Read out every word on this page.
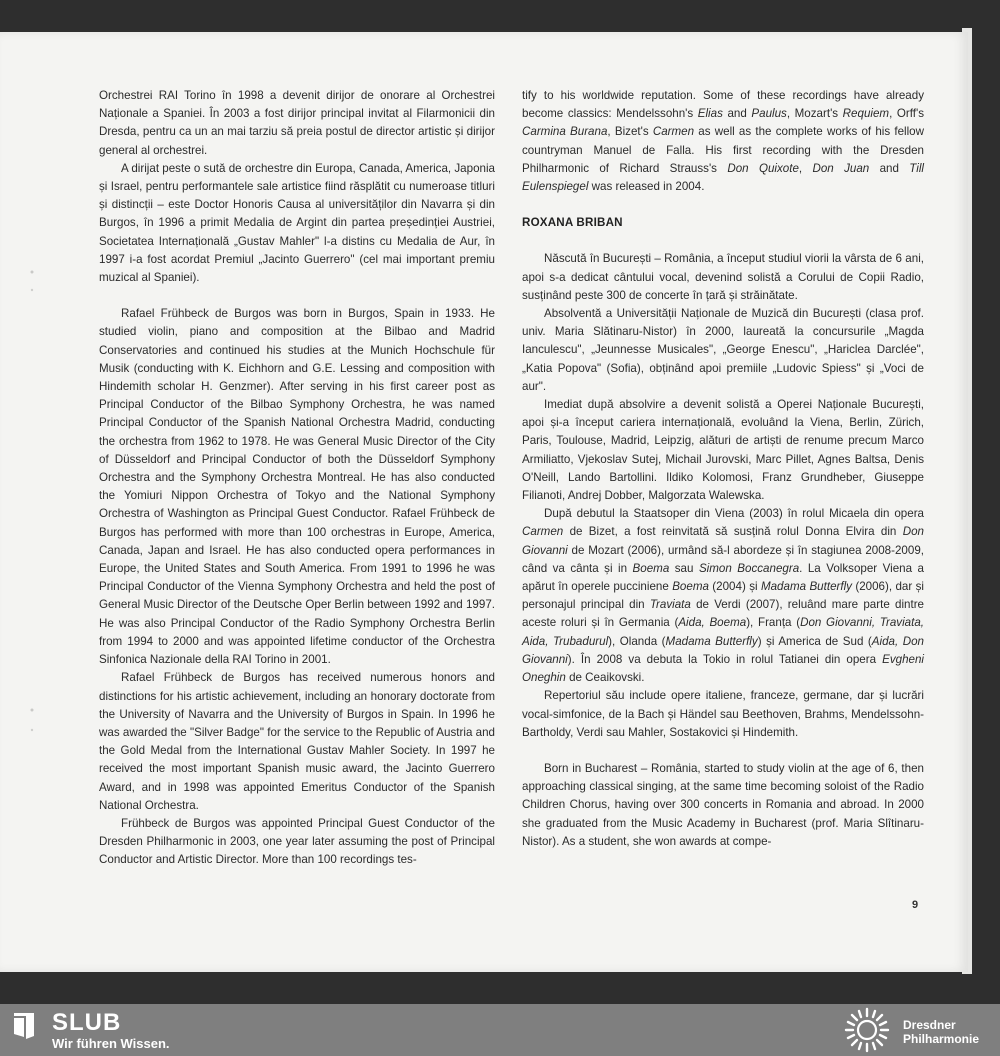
Orchestrei RAI Torino în 1998 a devenit dirijor de onorare al Orchestrei Naționale a Spaniei. În 2003 a fost dirijor principal invitat al Filarmonicii din Dresda, pentru ca un an mai tarziu să preia postul de director artistic și dirijor general al orchestrei.

A dirijat peste o sută de orchestre din Europa, Canada, America, Japonia și Israel, pentru performantele sale artistice fiind răsplătit cu numeroase titluri și distincții – este Doctor Honoris Causa al universităților din Navarra și din Burgos, în 1996 a primit Medalia de Argint din partea președinției Austriei, Societatea Internațională „Gustav Mahler" l-a distins cu Medalia de Aur, în 1997 i-a fost acordat Premiul „Jacinto Guerrero" (cel mai important premiu muzical al Spaniei).

Rafael Frühbeck de Burgos was born in Burgos, Spain in 1933. He studied violin, piano and composition at the Bilbao and Madrid Conservatories and continued his studies at the Munich Hochschule für Musik (conducting with K. Eichhorn and G.E. Lessing and composition with Hindemith scholar H. Genzmer). After serving in his first career post as Principal Conductor of the Bilbao Symphony Orchestra, he was named Principal Conductor of the Spanish National Orchestra Madrid, conducting the orchestra from 1962 to 1978. He was General Music Director of the City of Düsseldorf and Principal Conductor of both the Düsseldorf Symphony Orchestra and the Symphony Orchestra Montreal. He has also conducted the Yomiuri Nippon Orchestra of Tokyo and the National Symphony Orchestra of Washington as Principal Guest Conductor. Rafael Frühbeck de Burgos has performed with more than 100 orchestras in Europe, America, Canada, Japan and Israel. He has also conducted opera performances in Europe, the United States and South America. From 1991 to 1996 he was Principal Conductor of the Vienna Symphony Orchestra and held the post of General Music Director of the Deutsche Oper Berlin between 1992 and 1997. He was also Principal Conductor of the Radio Symphony Orchestra Berlin from 1994 to 2000 and was appointed lifetime conductor of the Orchestra Sinfonica Nazionale della RAI Torino in 2001.

Rafael Frühbeck de Burgos has received numerous honors and distinctions for his artistic achievement, including an honorary doctorate from the University of Navarra and the University of Burgos in Spain. In 1996 he was awarded the "Silver Badge" for the service to the Republic of Austria and the Gold Medal from the International Gustav Mahler Society. In 1997 he received the most important Spanish music award, the Jacinto Guerrero Award, and in 1998 was appointed Emeritus Conductor of the Spanish National Orchestra.

Frühbeck de Burgos was appointed Principal Guest Conductor of the Dresden Philharmonic in 2003, one year later assuming the post of Principal Conductor and Artistic Director. More than 100 recordings tes-

tify to his worldwide reputation. Some of these recordings have already become classics: Mendelssohn's Elias and Paulus, Mozart's Requiem, Orff's Carmina Burana, Bizet's Carmen as well as the complete works of his fellow countryman Manuel de Falla. His first recording with the Dresden Philharmonic of Richard Strauss's Don Quixote, Don Juan and Till Eulenspiegel was released in 2004.

ROXANA BRIBAN

Născută în București – România, a început studiul viorii la vârsta de 6 ani, apoi s-a dedicat cântului vocal, devenind solistă a Corului de Copii Radio, susținând peste 300 de concerte în țară și străinătate.

Absolventă a Universității Naționale de Muzică din București (clasa prof. univ. Maria Slătinaru-Nistor) în 2000, laureată la concursurile „Magda Ianculescu", „Jeunnesse Musicales", „George Enescu", „Hariclea Darclée", „Katia Popova" (Sofia), obținând apoi premiile „Ludovic Spiess" și „Voci de aur".

Imediat după absolvire a devenit solistă a Operei Naționale București, apoi și-a început cariera internațională, evoluând la Viena, Berlin, Zürich, Paris, Toulouse, Madrid, Leipzig, alături de artiști de renume precum Marco Armiliatto, Vjekoslav Sutej, Michail Jurovski, Marc Pillet, Agnes Baltsa, Denis O'Neill, Lando Bartollini. Ildiko Kolomosi, Franz Grundheber, Giuseppe Filianoti, Andrej Dobber, Malgorzata Walewska.

După debutul la Staatsoper din Viena (2003) în rolul Micaela din opera Carmen de Bizet, a fost reinvitată să susțină rolul Donna Elvira din Don Giovanni de Mozart (2006), urmând să-l abordeze și în stagiunea 2008-2009, când va cânta și in Boema sau Simon Boccanegra. La Volksoper Viena a apărut în operele pucciniene Boema (2004) și Madama Butterfly (2006), dar și personajul principal din Traviata de Verdi (2007), reluând mare parte dintre aceste roluri și în Germania (Aida, Boema), Franța (Don Giovanni, Traviata, Aida, Trubadurul), Olanda (Madama Butterfly) și America de Sud (Aida, Don Giovanni). În 2008 va debuta la Tokio in rolul Tatianei din opera Evgheni Oneghin de Ceaikovski.

Repertoriul său include opere italiene, franceze, germane, dar și lucrări vocal-simfonice, de la Bach și Händel sau Beethoven, Brahms, Mendelssohn-Bartholdy, Verdi sau Mahler, Sostakovici și Hindemith.

Born in Bucharest – România, started to study violin at the age of 6, then approaching classical singing, at the same time becoming soloist of the Radio Children Chorus, having over 300 concerts in Romania and abroad. In 2000 she graduated from the Music Academy in Bucharest (prof. Maria Slîtinaru-Nistor). As a student, she won awards at compe-

9
SLUB
Wir führen Wissen.
Dresdner
Philharmonie
